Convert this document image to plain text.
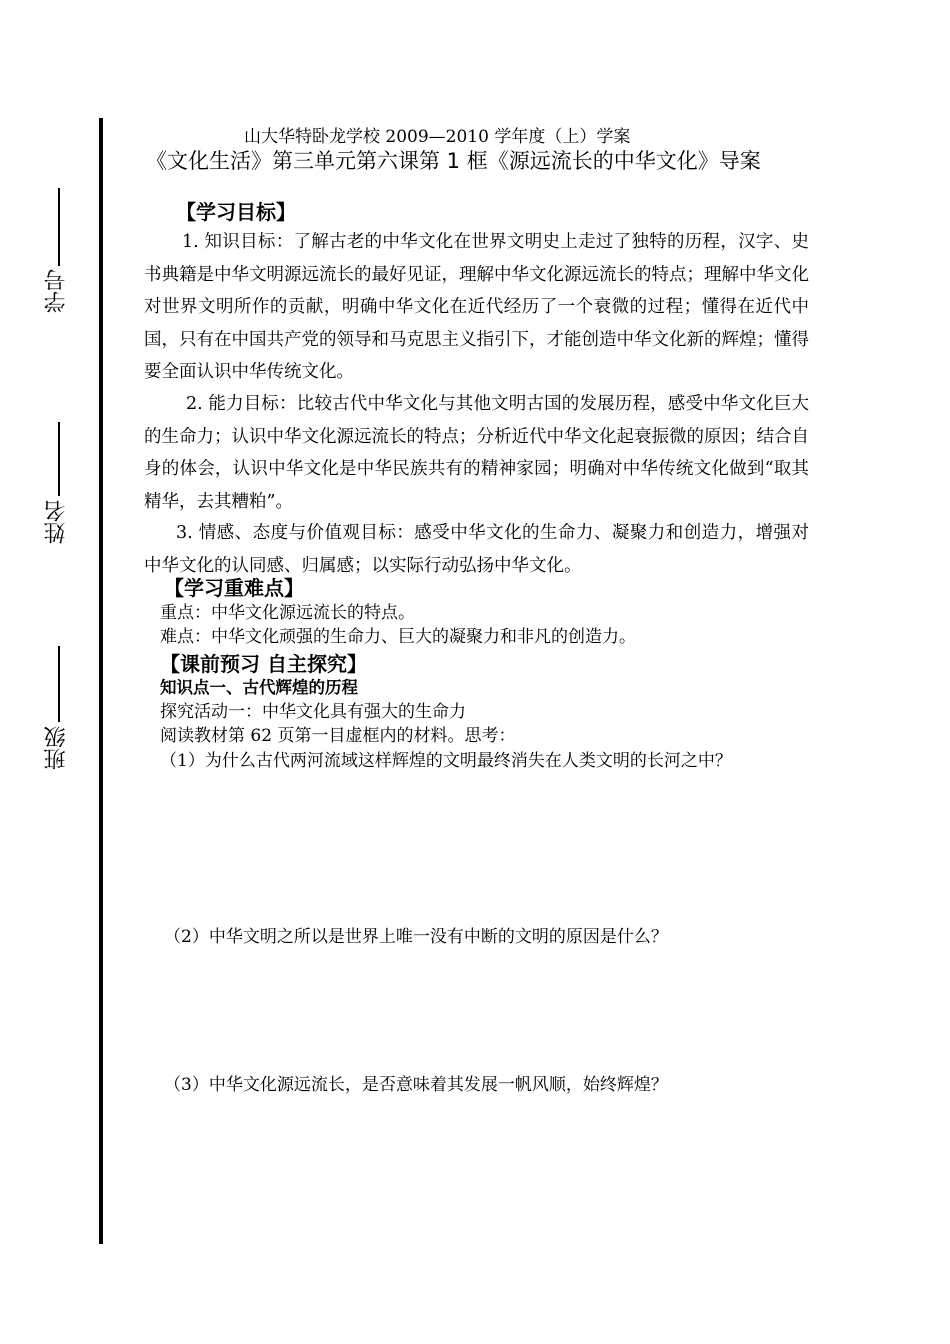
学号
姓名
班级
山大华特卧龙学校 2009—2010 学年度（上）学案
《文化生活》第三单元第六课第 1 框《源远流长的中华文化》导案
【学习目标】
1. 知识目标：了解古老的中华文化在世界文明史上走过了独特的历程，汉字、史书典籍是中华文明源远流长的最好见证，理解中华文化源远流长的特点；理解中华文化对世界文明所作的贡献，明确中华文化在近代经历了一个衰微的过程；懂得在近代中国，只有在中国共产党的领导和马克思主义指引下，才能创造中华文化新的辉煌；懂得要全面认识中华传统文化。
2. 能力目标：比较古代中华文化与其他文明古国的发展历程，感受中华文化巨大的生命力；认识中华文化源远流长的特点；分析近代中华文化起衰振微的原因；结合自身的体会，认识中华文化是中华民族共有的精神家园；明确对中华传统文化做到“取其精华，去其糟粕”。
3. 情感、态度与价值观目标：感受中华文化的生命力、凝聚力和创造力，增强对中华文化的认同感、归属感；以实际行动弘扬中华文化。
【学习重难点】
重点：中华文化源远流长的特点。
难点：中华文化顽强的生命力、巨大的凝聚力和非凡的创造力。
【课前预习 自主探究】
知识点一、古代辉煌的历程
探究活动一：中华文化具有强大的生命力
阅读教材第 62 页第一目虚框内的材料。思考：
（1）为什么古代两河流域这样辉煌的文明最终消失在人类文明的长河之中？
（2）中华文明之所以是世界上唯一没有中断的文明的原因是什么？
（3）中华文化源远流长，是否意味着其发展一帆风顺，始终辉煌？
